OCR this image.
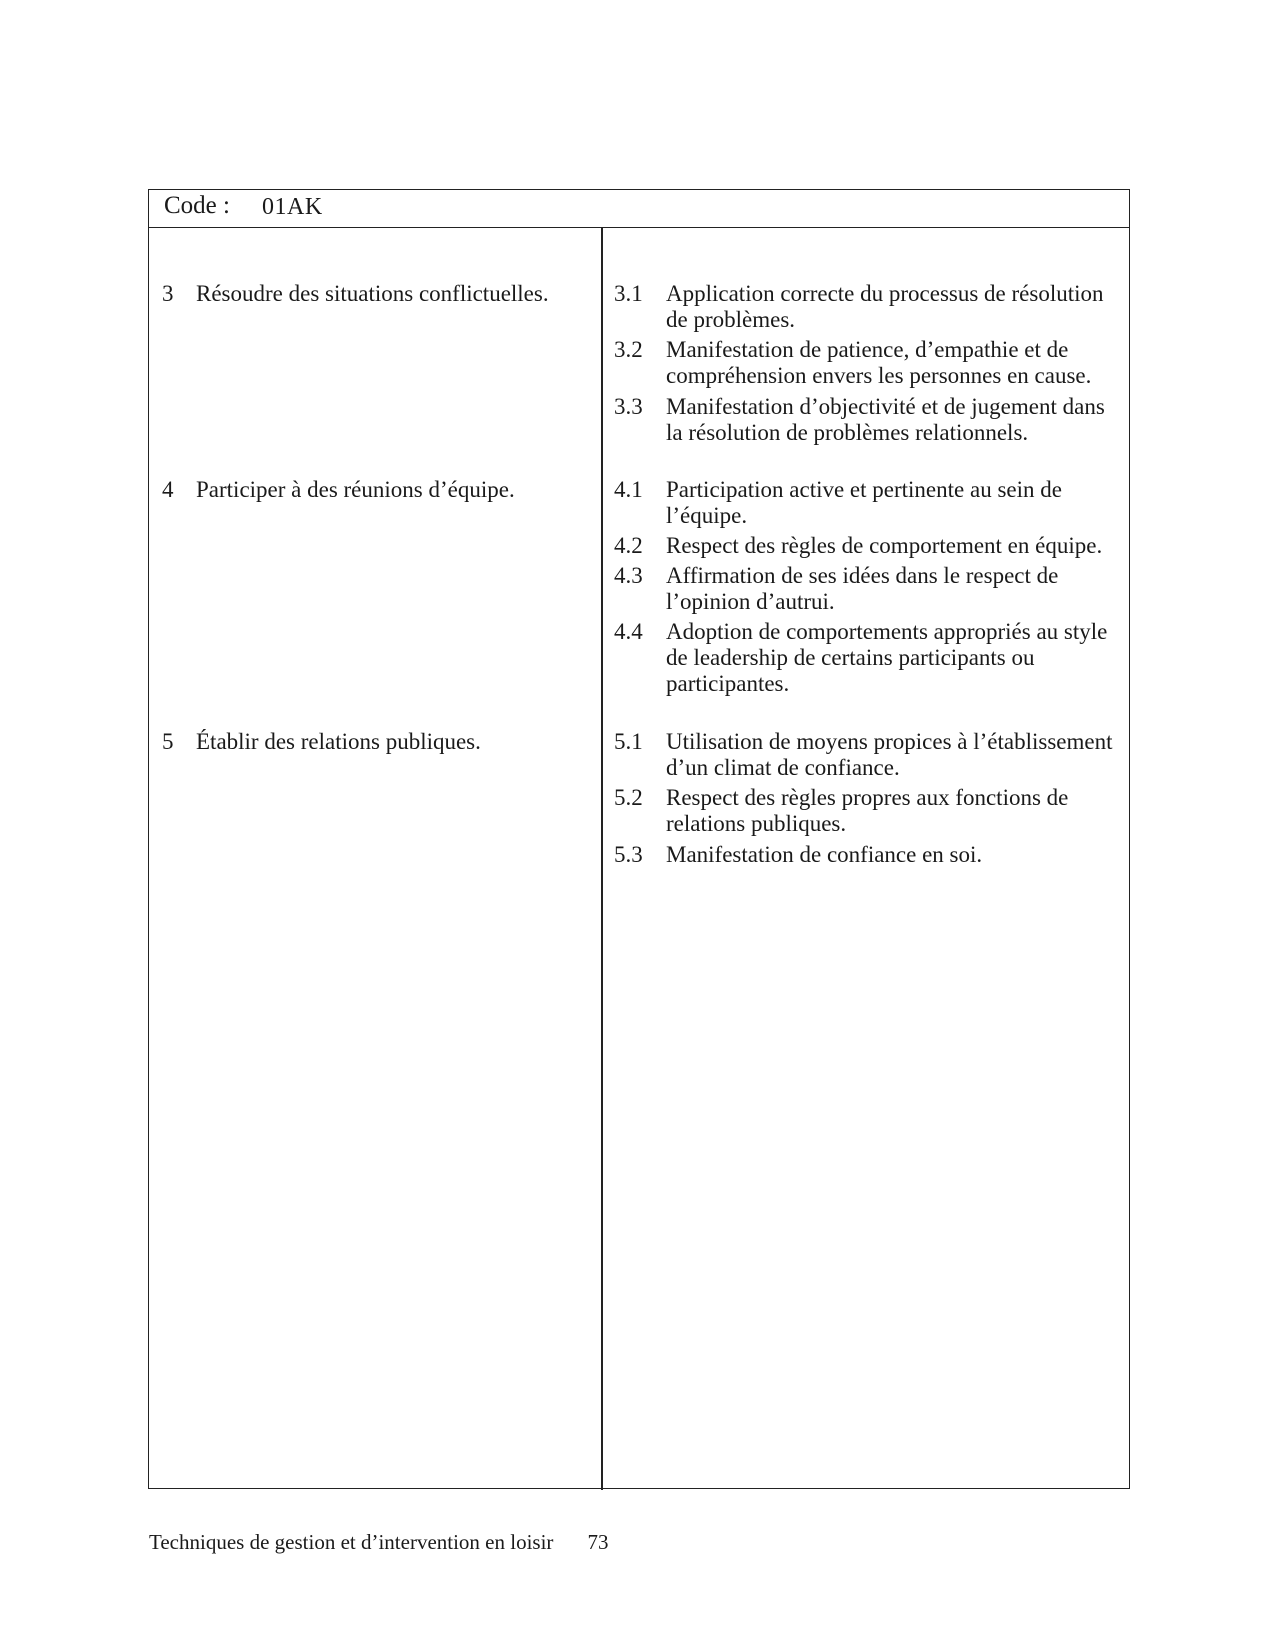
Code : 01AK
3 Résoudre des situations conflictuelles.
4 Participer à des réunions d’équipe.
5 Établir des relations publiques.
3.1 Application correcte du processus de résolution de problèmes.
3.2 Manifestation de patience, d’empathie et de compréhension envers les personnes en cause.
3.3 Manifestation d’objectivité et de jugement dans la résolution de problèmes relationnels.
4.1 Participation active et pertinente au sein de l’équipe.
4.2 Respect des règles de comportement en équipe.
4.3 Affirmation de ses idées dans le respect de l’opinion d’autrui.
4.4 Adoption de comportements appropriés au style de leadership de certains participants ou participantes.
5.1 Utilisation de moyens propices à l’établissement d’un climat de confiance.
5.2 Respect des règles propres aux fonctions de relations publiques.
5.3 Manifestation de confiance en soi.
Techniques de gestion et d’intervention en loisir 73
